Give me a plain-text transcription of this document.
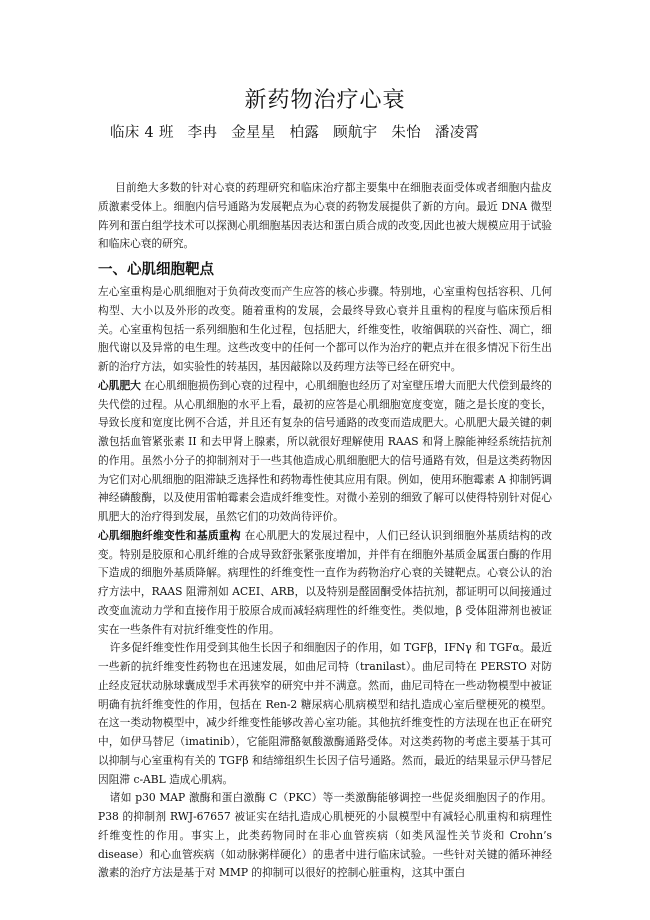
新药物治疗心衰
临床 4 班 李冉 金星星 柏露 顾航宇 朱怡 潘凌霄
目前绝大多数的针对心衰的药理研究和临床治疗都主要集中在细胞表面受体或者细胞内盐皮质激素受体上。细胞内信号通路为发展靶点为心衰的药物发展提供了新的方向。最近 DNA 微型阵列和蛋白组学技术可以探测心肌细胞基因表达和蛋白质合成的改变,因此也被大规模应用于试验和临床心衰的研究。
一、心肌细胞靶点

左心室重构是心肌细胞对于负荷改变而产生应答的核心步骤。特别地，心室重构包括容积、几何构型、大小以及外形的改变。随着重构的发展，会最终导致心衰并且重构的程度与临床预后相关。心室重构包括一系列细胞和生化过程，包括肥大，纤维变性，收缩偶联的兴奋性、凋亡，细胞代谢以及异常的电生理。这些改变中的任何一个都可以作为治疗的靶点并在很多情况下衍生出新的治疗方法，如实验性的转基因，基因敲除以及药理方法等已经在研究中。

心肌肥大 在心肌细胞损伤到心衰的过程中，心肌细胞也经历了对室壁压增大而肥大代偿到最终的失代偿的过程。从心肌细胞的水平上看，最初的应答是心肌细胞宽度变宽，随之是长度的变长，导致长度和宽度比例不合适，并且还有复杂的信号通路的改变而造成肥大。心肌肥大最关键的刺激包括血管紧张素 II 和去甲肾上腺素，所以就很好理解使用 RAAS 和肾上腺能神经系统拮抗剂的作用。虽然小分子的抑制剂对于一些其他造成心肌细胞肥大的信号通路有效，但是这类药物因为它们对心肌细胞的阻滞缺乏选择性和药物毒性使其应用有限。例如，使用环胞霉素 A 抑制钙调神经磷酸酶，以及使用雷帕霉素会造成纤维变性。对微小差别的细致了解可以使得特别针对促心肌肥大的治疗得到发展，虽然它们的功效尚待评价。

心肌细胞纤维变性和基质重构 在心肌肥大的发展过程中，人们已经认识到细胞外基质结构的改变。特别是胶原和心肌纤维的合成导致舒张紧张度增加，并伴有在细胞外基质金属蛋白酶的作用下造成的细胞外基质降解。病理性的纤维变性一直作为药物治疗心衰的关键靶点。心衰公认的治疗方法中，RAAS 阻滞剂如 ACEI、ARB，以及特别是醛固酮受体拮抗剂，都证明可以间接通过改变血流动力学和直接作用于胶原合成而减轻病理性的纤维变性。类似地，β 受体阻滞剂也被证实在一些条件有对抗纤维变性的作用。

许多促纤维变性作用受到其他生长因子和细胞因子的作用，如 TGFβ，IFNγ 和 TGFα。最近一些新的抗纤维变性药物也在迅速发展，如曲尼司特（tranilast）。曲尼司特在 PERSTO 对防止经皮冠状动脉球囊成型手术再狭窄的研究中并不满意。然而，曲尼司特在一些动物模型中被证明确有抗纤维变性的作用，包括在 Ren-2 糖尿病心肌病模型和结扎造成心室后壁梗死的模型。在这一类动物模型中，减少纤维变性能够改善心室功能。其他抗纤维变性的方法现在也正在研究中，如伊马替尼（imatinib），它能阻滞酪氨酸激酶通路受体。对这类药物的考虑主要基于其可以抑制与心室重构有关的 TGFβ 和结缔组织生长因子信号通路。然而，最近的结果显示伊马替尼因阻滞 c-ABL 造成心肌病。

诸如 p30 MAP 激酶和蛋白激酶 C（PKC）等一类激酶能够调控一些促炎细胞因子的作用。P38 的抑制剂 RWJ-67657 被证实在结扎造成心肌梗死的小鼠模型中有减轻心肌重构和病理性纤维变性的作用。事实上，此类药物同时在非心血管疾病（如类风湿性关节炎和 Crohn’s disease）和心血管疾病（如动脉粥样硬化）的患者中进行临床试验。一些针对关键的循环神经激素的治疗方法是基于对 MMP 的抑制可以很好的控制心脏重构，这其中蛋白
